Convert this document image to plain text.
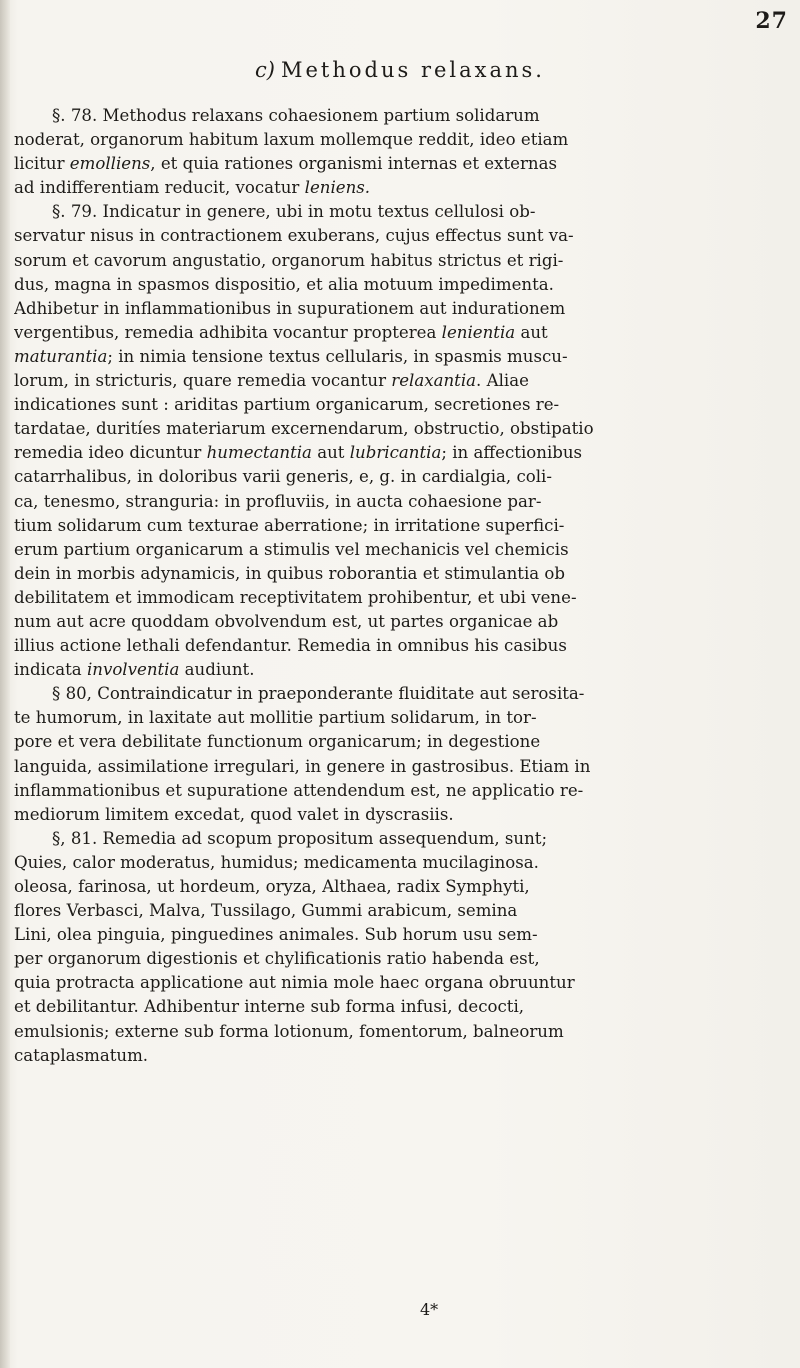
27
c) Methodus relaxans.
§. 78. Methodus relaxans cohaesionem partium solidarum
noderat, organorum habitum laxum mollemque reddit, ideo etiam
licitur emolliens, et quia rationes organismi internas et externas
ad indifferentiam reducit, vocatur leniens.
§. 79. Indicatur in genere, ubi in motu textus cellulosi ob-
servatur nisus in contractionem exuberans, cujus effectus sunt va-
sorum et cavorum angustatio, organorum habitus strictus et rigi-
dus, magna in spasmos dispositio, et alia motuum impedimenta.
Adhibetur in inflammationibus in supurationem aut indurationem
vergentibus, remedia adhibita vocantur propterea lenientia aut
maturantia; in nimia tensione textus cellularis, in spasmis muscu-
lorum, in stricturis, quare remedia vocantur relaxantia. Aliae
indicationes sunt : ariditas partium organicarum, secretiones re-
tardatae, duritíes materiarum excernendarum, obstructio, obstipatio
remedia ideo dicuntur humectantia aut lubricantia; in affectionibus
catarrhalibus, in doloribus varii generis, e, g. in cardialgia, coli-
ca, tenesmo, stranguria: in profluviis, in aucta cohaesione par-
tium solidarum cum texturae aberratione; in irritatione superfici-
erum partium organicarum a stimulis vel mechanicis vel chemicis
dein in morbis adynamicis, in quibus roborantia et stimulantia ob
debilitatem et immodicam receptivitatem prohibentur, et ubi vene-
num aut acre quoddam obvolvendum est, ut partes organicae ab
illius actione lethali defendantur. Remedia in omnibus his casibus
indicata involventia audiunt.
§ 80, Contraindicatur in praeponderante fluiditate aut serosita-
te humorum, in laxitate aut mollitie partium solidarum, in tor-
pore et vera debilitate functionum organicarum; in degestione
languida, assimilatione irregulari, in genere in gastrosibus. Etiam in
inflammationibus et supuratione attendendum est, ne applicatio re-
mediorum limitem excedat, quod valet in dyscrasiis.
§, 81. Remedia ad scopum propositum assequendum, sunt;
Quies, calor moderatus, humidus; medicamenta mucilaginosa.
oleosa, farinosa, ut hordeum, oryza, Althaea, radix Symphyti,
flores Verbasci, Malva, Tussilago, Gummi arabicum, semina
Lini, olea pinguia, pinguedines animales. Sub horum usu sem-
per organorum digestionis et chylificationis ratio habenda est,
quia protracta applicatione aut nimia mole haec organa obruuntur
et debilitantur. Adhibentur interne sub forma infusi, decocti,
emulsionis; externe sub forma lotionum, fomentorum, balneorum
cataplasmatum.
4*
